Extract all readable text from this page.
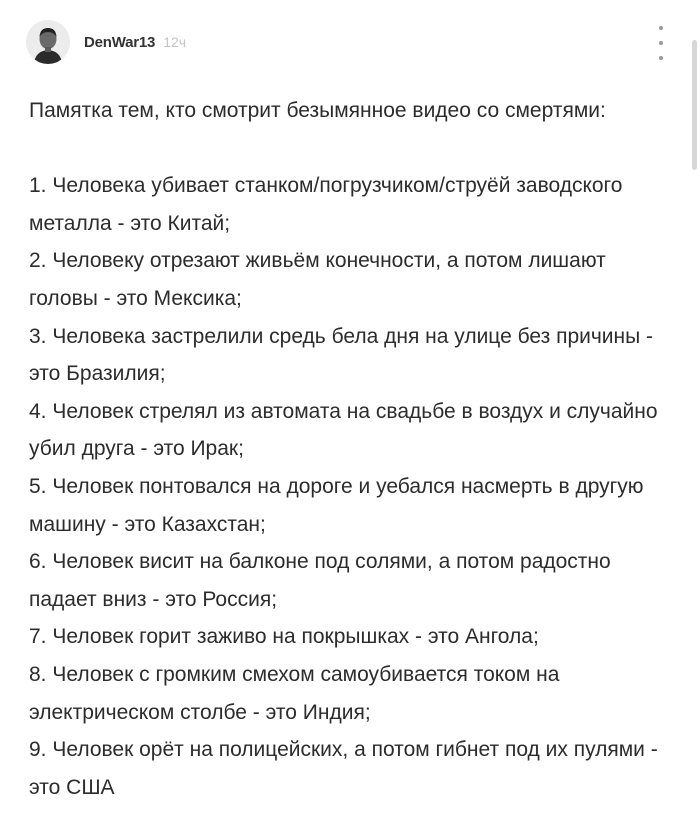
DenWar13 12ч

Памятка тем, кто смотрит безымянное видео со смертями:

1. Человека убивает станком/погрузчиком/струёй заводского металла - это Китай;

2. Человеку отрезают живьём конечности, а потом лишают головы - это Мексика;

3. Человека застрелили средь бела дня на улице без причины - это Бразилия;

4. Человек стрелял из автомата на свадьбе в воздух и случайно убил друга - это Ирак;

5. Человек понтовался на дороге и уебался насмерть в другую машину - это Казахстан;

6. Человек висит на балконе под солями, а потом радостно падает вниз - это Россия;

7. Человек горит заживо на покрышках - это Ангола;

8. Человек с громким смехом самоубивается током на электрическом столбе - это Индия;

9. Человек орёт на полицейских, а потом гибнет под их пулями - это США
